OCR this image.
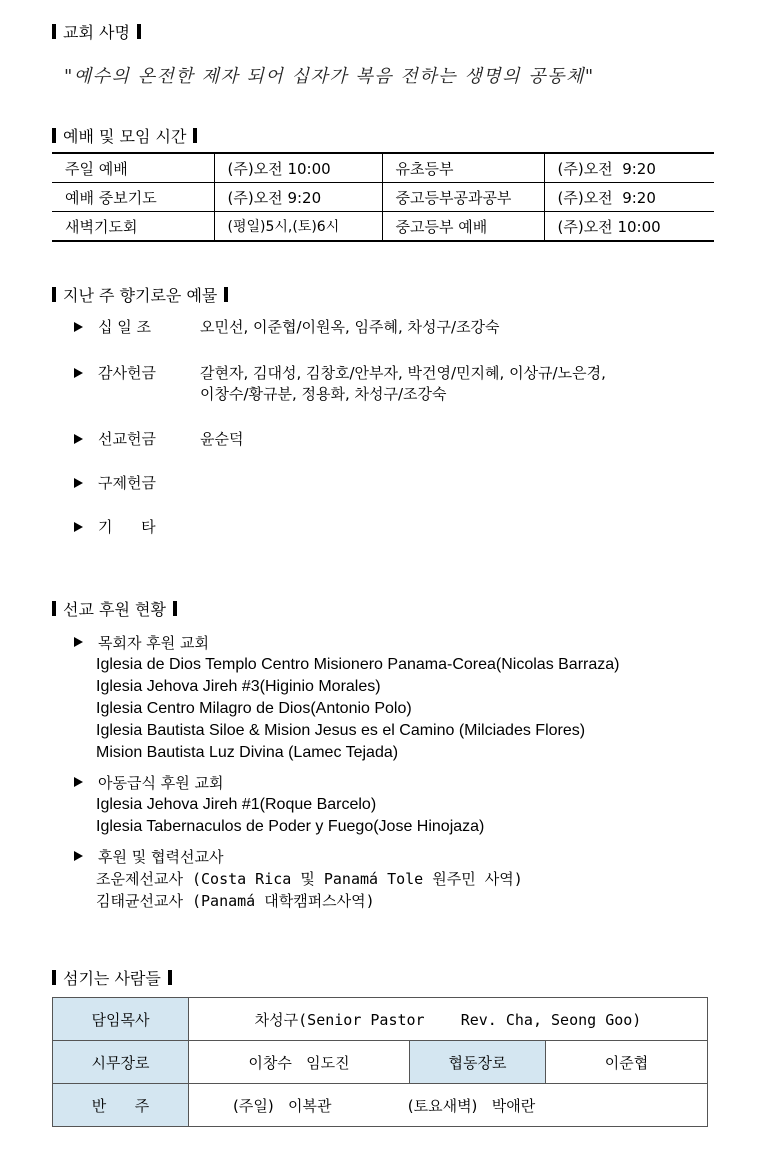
교회 사명
"예수의 온전한 제자 되어 십자가 복음 전하는 생명의 공동체"
예배 및 모임 시간
주일 예배	(주)오전 10:00	유초등부	(주)오전  9:20
예배 중보기도	(주)오전 9:20	중고등부공과공부	(주)오전  9:20
새벽기도회	(평일)5시,(토)6시	중고등부 예배	(주)오전 10:00
지난 주 향기로운 예물
십 일 조	오민선, 이준협/이원옥, 임주혜, 차성구/조강숙
감사헌금	갈현자, 김대성, 김창호/안부자, 박건영/민지혜, 이상규/노은경,
이창수/황규분, 정용화, 차성구/조강숙
선교헌금	윤순덕
구제헌금
기      타
선교 후원 현황
목회자 후원 교회
Iglesia de Dios Templo Centro Misionero Panama-Corea(Nicolas Barraza)
Iglesia Jehova Jireh #3(Higinio Morales)
Iglesia Centro Milagro de Dios(Antonio Polo)
Iglesia Bautista Siloe & Mision Jesus es el Camino (Milciades Flores)
Mision Bautista Luz Divina (Lamec Tejada)
아동급식 후원 교회
Iglesia Jehova Jireh #1(Roque Barcelo)
Iglesia Tabernaculos de Poder y Fuego(Jose Hinojaza)
후원 및 협력선교사
조운제선교사 (Costa Rica 및 Panamá Tole 원주민 사역)
김태균선교사 (Panamá 대학캠퍼스사역)
섬기는 사람들
담임목사	차성구(Senior Pastor    Rev. Cha, Seong Goo)		
시무장로	이창수   임도진	협동장로	이준협
반      주	(주일)   이복관                (토요새벽)   박애란		
